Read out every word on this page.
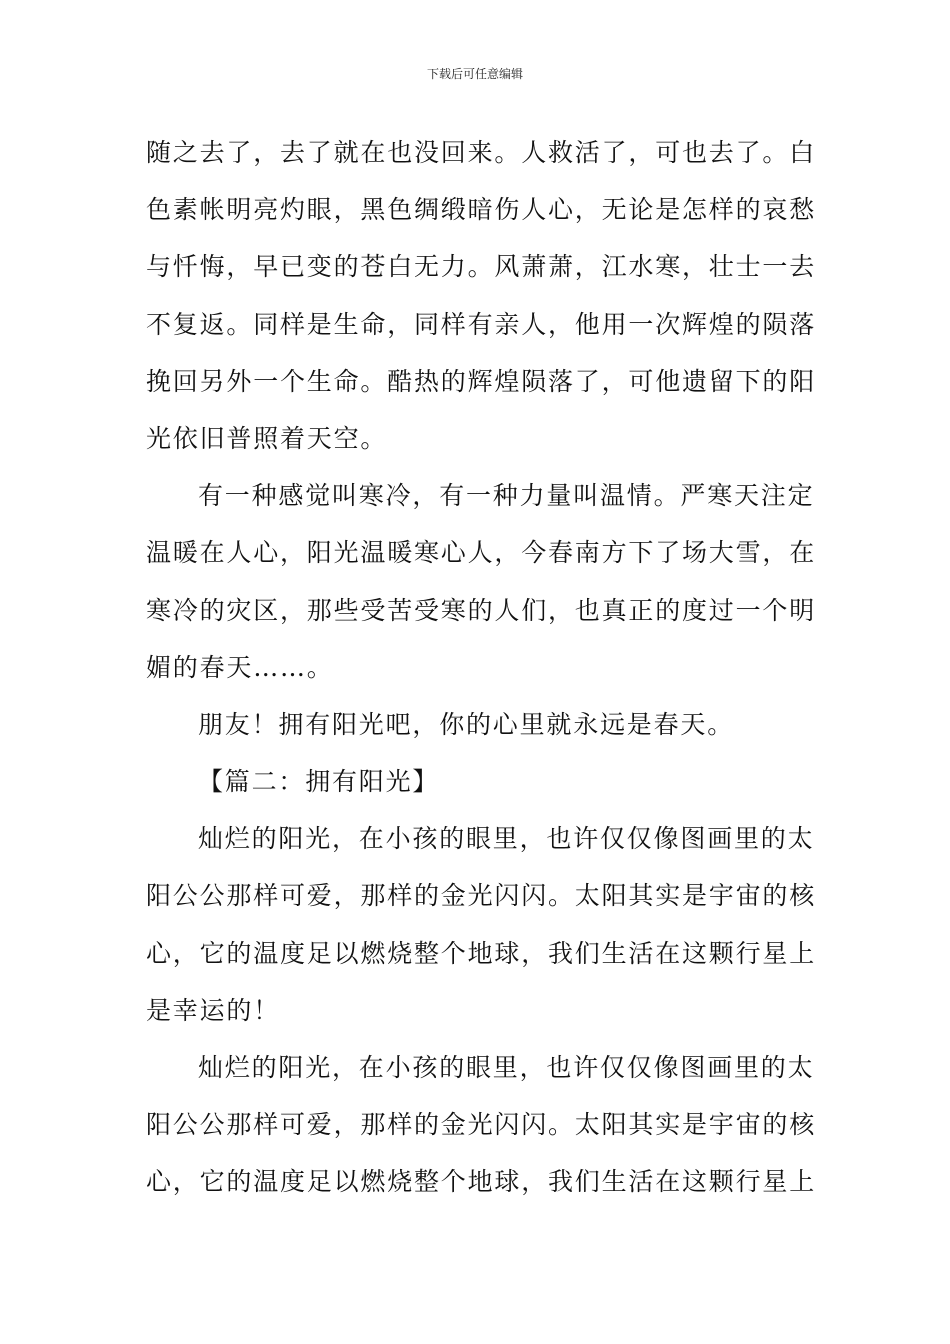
下载后可任意编辑
随之去了，去了就在也没回来。人救活了，可也去了。白
色素帐明亮灼眼，黑色绸缎暗伤人心，无论是怎样的哀愁
与忏悔，早已变的苍白无力。风萧萧，江水寒，壮士一去
不复返。同样是生命，同样有亲人，他用一次辉煌的陨落
挽回另外一个生命。酷热的辉煌陨落了，可他遗留下的阳
光依旧普照着天空。
有一种感觉叫寒冷，有一种力量叫温情。严寒天注定
温暖在人心，阳光温暖寒心人，今春南方下了场大雪，在
寒冷的灾区，那些受苦受寒的人们，也真正的度过一个明
媚的春天……。
朋友！拥有阳光吧，你的心里就永远是春天。
【篇二：拥有阳光】
灿烂的阳光，在小孩的眼里，也许仅仅像图画里的太
阳公公那样可爱，那样的金光闪闪。太阳其实是宇宙的核
心，它的温度足以燃烧整个地球，我们生活在这颗行星上
是幸运的！
灿烂的阳光，在小孩的眼里，也许仅仅像图画里的太
阳公公那样可爱，那样的金光闪闪。太阳其实是宇宙的核
心，它的温度足以燃烧整个地球，我们生活在这颗行星上
